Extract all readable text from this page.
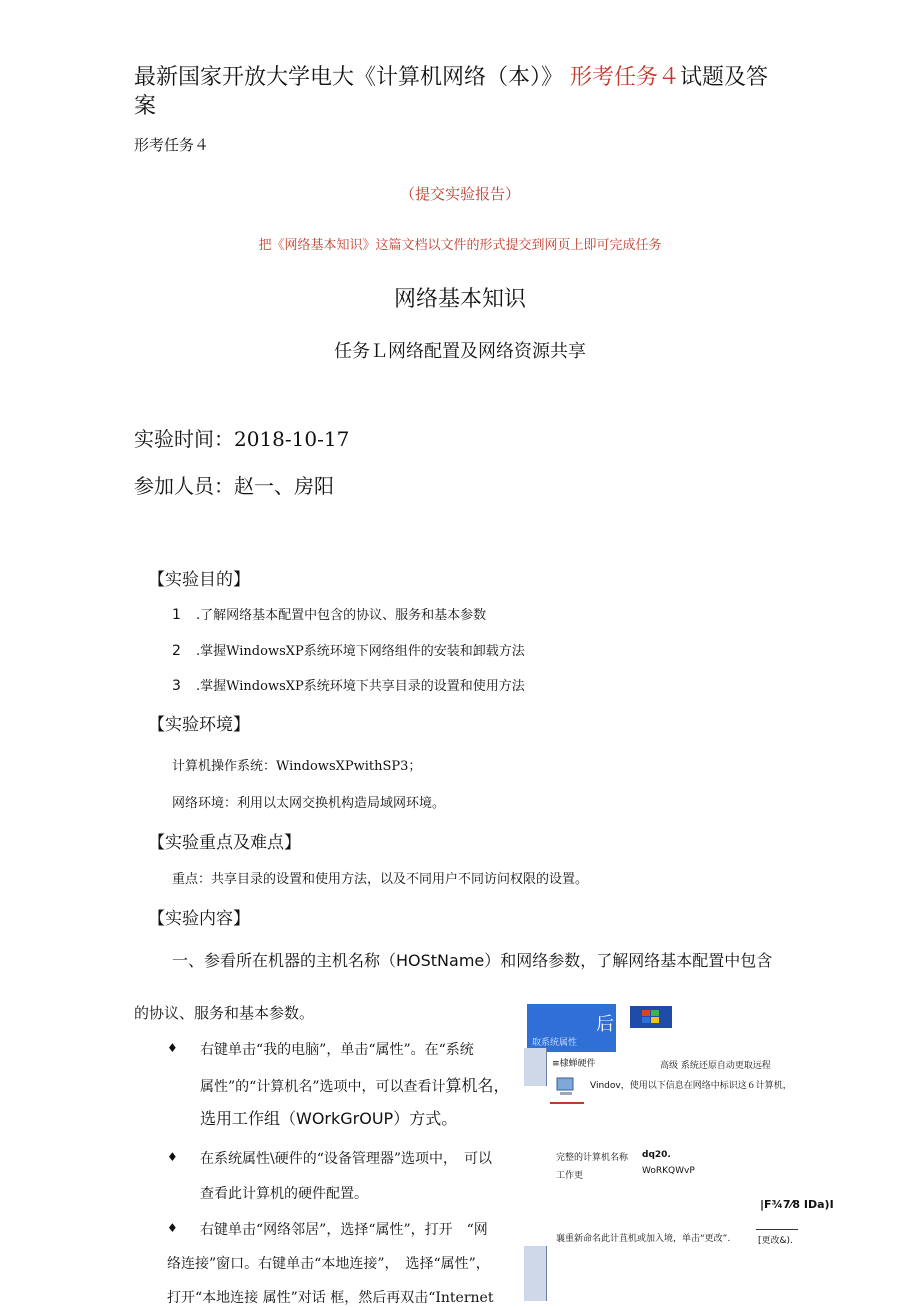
最新国家开放大学电大《计算机网络（本）》 形考任务４试题及答
案
形考任务４
（提交实验报告）
把《网络基本知识》这篇文档以文件的形式提交到网页上即可完成任务
网络基本知识
任务Ｌ网络配置及网络资源共享
实验时间：2018-10-17
参加人员：赵一、房阳
【实验目的】
1 .了解网络基本配置中包含的协议、服务和基本参数
2 .掌握WindowsXP系统环境下网络组件的安装和卸载方法
3 .掌握WindowsXP系统环境下共享目录的设置和使用方法
【实验环境】
计算机操作系统：WindowsXPwithSP3；
网络环境：利用以太网交换机构造局域网环境。
【实验重点及难点】
重点：共享目录的设置和使用方法，以及不同用户不同访问权限的设置。
【实验内容】
一、参看所在机器的主机名称（HOStName）和网络参数，了解网络基本配置中包含
的协议、服务和基本参数。
♦ 右键单击“我的电脑”，单击“属性”。在“系统
属性”的“计算机名”选项中，可以查看计算机名，
选用工作组（WOrkGrOUP）方式。
♦ 在系统属性\硬件的“设备管理器”选项中，　可以
查看此计算机的硬件配置。
♦ 右键单击“网络邻居”，选择“属性”，打开　“网
络连接”窗口。右键单击“本地连接”，　选择“属性”，
打开“本地连接 属性”对话 框，然后再双击“Internet
后
取系统属性
≡棣蝉硬件	高级 系统还原自动更取远程
Vindov，使用以下信息在网络中标识这６计算机，
完整的计算机名称 dq20.
工作更	WoRKQWvP
|F¾7⁄8 IDa)I
襄重新命名此计苴机或加入境，单击“更改”.	[更改&).
